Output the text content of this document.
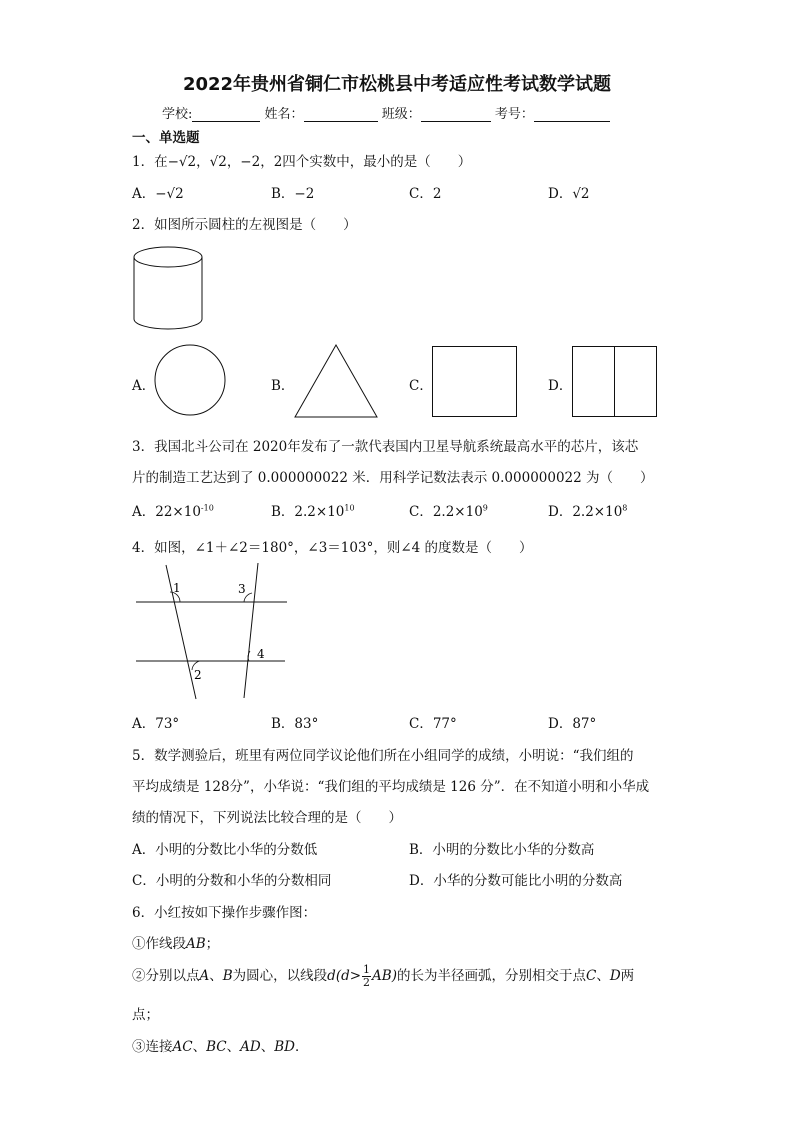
2022年贵州省铜仁市松桃县中考适应性考试数学试题
学校:	姓名：	班级：	考号：
一、单选题
1．在−√2，√2，−2，2四个实数中，最小的是（　　）
A．−√2	B．−2	C．2	D．√2
2．如图所示圆柱的左视图是（　　）
A．	B．	C．	D．
3．我国北斗公司在 2020年发布了一款代表国内卫星导航系统最高水平的芯片，该芯
片的制造工艺达到了 0.000000022 米．用科学记数法表示 0.000000022 为（　　）
A．$22\times 10^{-10}$	B．$2.2\times 10^{10}$	C．$2.2\times 10^9$	D．$2.2\times 10^8$
4．如图，∠1＋∠2＝180°，∠3＝103°，则∠4 的度数是（　　）
1	3
4
2
A．73°	B．83°	C．77°	D．87°
5．数学测验后，班里有两位同学议论他们所在小组同学的成绩，小明说：“我们组的
平均成绩是 128分”，小华说：“我们组的平均成绩是 126 分”．在不知道小明和小华成
绩的情况下，下列说法比较合理的是（　　）
A．小明的分数比小华的分数低	B．小明的分数比小华的分数高
C．小明的分数和小华的分数相同	D．小华的分数可能比小明的分数高
6．小红按如下操作步骤作图：
①作线段AB；
②分别以点A、B为圆心，以线段$d(d> \frac{1}{2} AB)$的长为半径画弧，分别相交于点C、D两
点；
③连接AC、BC、AD、BD．
